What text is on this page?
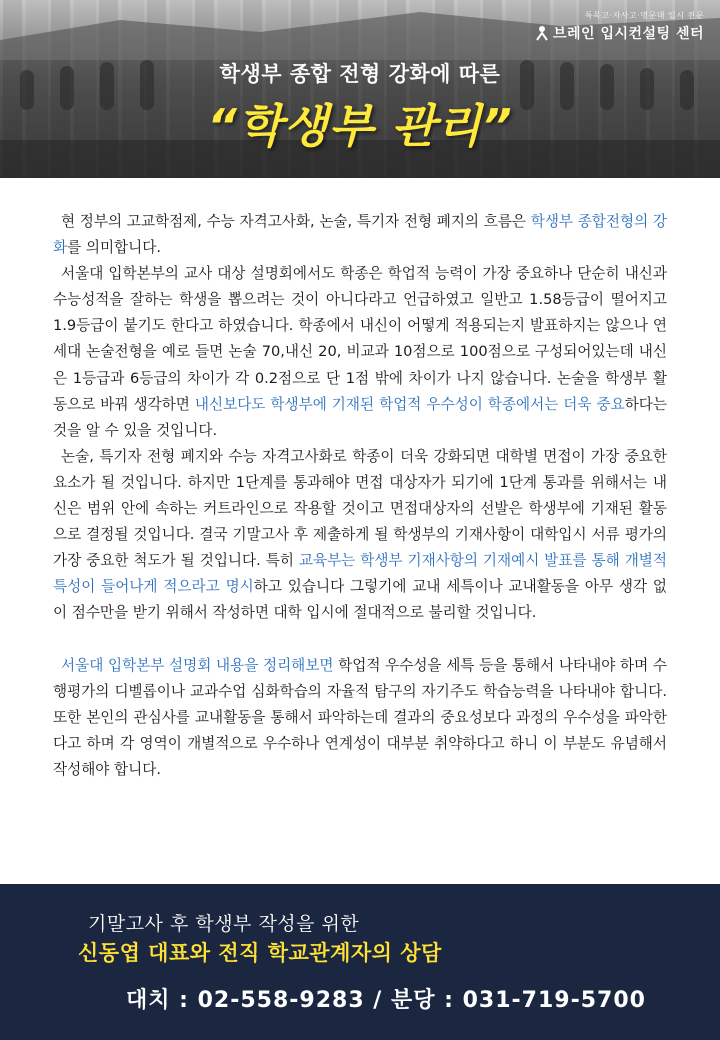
특목고·자사고·명문대 입시 전문
브레인 입시컨설팅 센터
학생부 종합 전형 강화에 따른
“학생부 관리”

현 정부의 고교학점제, 수능 자격고사화, 논술, 특기자 전형 폐지의 흐름은 학생부 종합전형의 강화를 의미합니다.

서울대 입학본부의 교사 대상 설명회에서도 학종은 학업적 능력이 가장 중요하나 단순히 내신과 수능성적을 잘하는 학생을 뽑으려는 것이 아니다라고 언급하였고 일반고 1.58등급이 떨어지고 1.9등급이 붙기도 한다고 하였습니다. 학종에서 내신이 어떻게 적용되는지 발표하지는 않으나 연세대 논술전형을 예로 들면 논술 70,내신 20, 비교과 10점으로 100점으로 구성되어있는데 내신은 1등급과 6등급의 차이가 각 0.2점으로 단 1점 밖에 차이가 나지 않습니다. 논술을 학생부 활동으로 바꿔 생각하면 내신보다도 학생부에 기재된 학업적 우수성이 학종에서는 더욱 중요하다는 것을 알 수 있을 것입니다.

논술, 특기자 전형 폐지와 수능 자격고사화로 학종이 더욱 강화되면 대학별 면접이 가장 중요한 요소가 될 것입니다. 하지만 1단계를 통과해야 면접 대상자가 되기에 1단계 통과를 위해서는 내신은 범위 안에 속하는 커트라인으로 작용할 것이고 면접대상자의 선발은 학생부에 기재된 활동으로 결정될 것입니다. 결국 기말고사 후 제출하게 될 학생부의 기재사항이 대학입시 서류 평가의 가장 중요한 척도가 될 것입니다. 특히 교육부는 학생부 기재사항의 기재예시 발표를 통해 개별적 특성이 들어나게 적으라고 명시하고 있습니다 그렇기에 교내 세특이나 교내활동을 아무 생각 없이 점수만을 받기 위해서 작성하면 대학 입시에 절대적으로 불리할 것입니다.

서울대 입학본부 설명회 내용을 정리해보면 학업적 우수성을 세특 등을 통해서 나타내야 하며 수행평가의 디벨롭이나 교과수업 심화학습의 자율적 탐구의 자기주도 학습능력을 나타내야 합니다. 또한 본인의 관심사를 교내활동을 통해서 파악하는데 결과의 중요성보다 과정의 우수성을 파악한다고 하며 각 영역이 개별적으로 우수하나 연계성이 대부분 취약하다고 하니 이 부분도 유념해서 작성해야 합니다.

기말고사 후 학생부 작성을 위한
신동엽 대표와 전직 학교관계자의 상담
대치 : 02-558-9283 / 분당 : 031-719-5700
